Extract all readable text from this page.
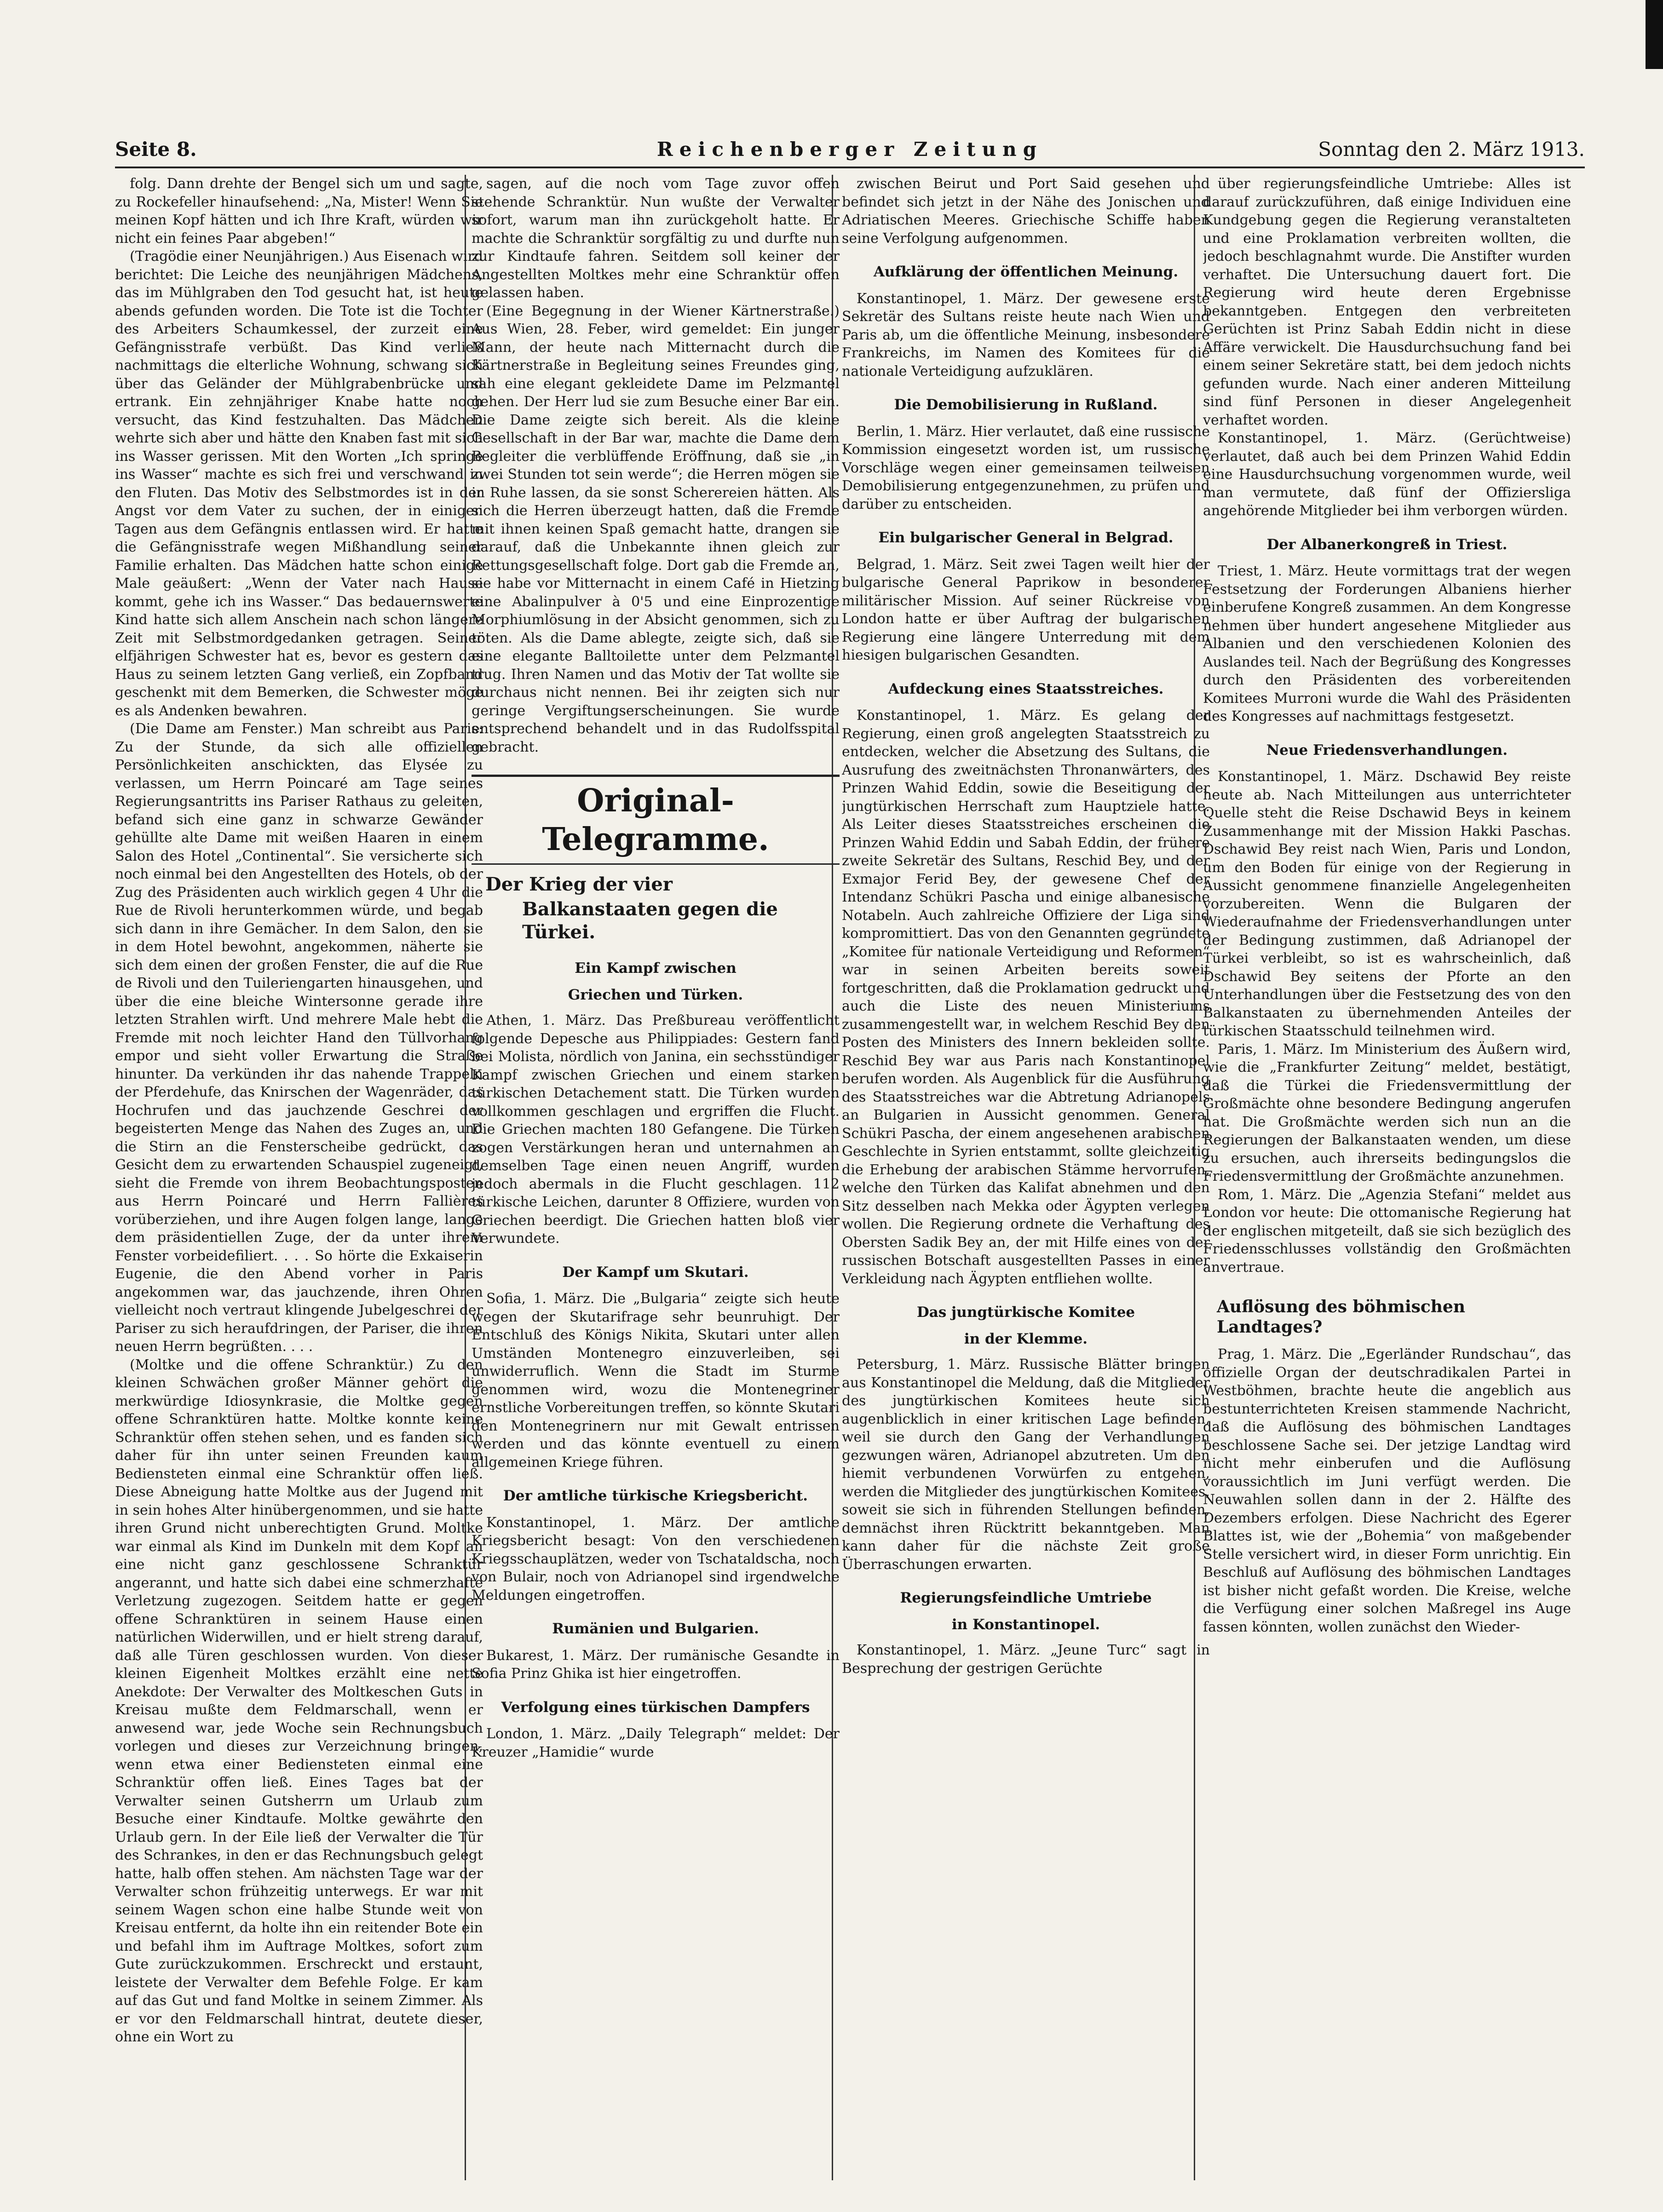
Seite 8.	Reichenberger Zeitung	Sonntag den 2. März 1913.

folg. Dann drehte der Bengel sich um und sagte, zu Rockefeller hinaufsehend: „Na, Mister! Wenn Sie meinen Kopf hätten und ich Ihre Kraft, würden wir nicht ein feines Paar abgeben!“

(Tragödie einer Neunjährigen.) Aus Eisenach wird berichtet: Die Leiche des neunjährigen Mädchens, das im Mühlgraben den Tod gesucht hat, ist heute abends gefunden worden. Die Tote ist die Tochter des Arbeiters Schaumkessel, der zurzeit eine Gefängnisstrafe verbüßt. Das Kind verließ nachmittags die elterliche Wohnung, schwang sich über das Geländer der Mühlgrabenbrücke und ertrank. Ein zehnjähriger Knabe hatte noch versucht, das Kind festzuhalten. Das Mädchen wehrte sich aber und hätte den Knaben fast mit sich ins Wasser gerissen. Mit den Worten „Ich springe ins Wasser“ machte es sich frei und verschwand in den Fluten. Das Motiv des Selbstmordes ist in der Angst vor dem Vater zu suchen, der in einigen Tagen aus dem Gefängnis entlassen wird. Er hatte die Gefängnisstrafe wegen Mißhandlung seiner Familie erhalten. Das Mädchen hatte schon einige Male geäußert: „Wenn der Vater nach Hause kommt, gehe ich ins Wasser.“ Das bedauernswerte Kind hatte sich allem Anschein nach schon längere Zeit mit Selbstmordgedanken getragen. Seiner elfjährigen Schwester hat es, bevor es gestern das Haus zu seinem letzten Gang verließ, ein Zopfband geschenkt mit dem Bemerken, die Schwester möge es als Andenken bewahren.

(Die Dame am Fenster.) Man schreibt aus Paris: Zu der Stunde, da sich alle offiziellen Persönlichkeiten anschickten, das Elysée zu verlassen, um Herrn Poincaré am Tage seines Regierungsantritts ins Pariser Rathaus zu geleiten, befand sich eine ganz in schwarze Gewänder gehüllte alte Dame mit weißen Haaren in einem Salon des Hotel „Continental“. Sie versicherte sich noch einmal bei den Angestellten des Hotels, ob der Zug des Präsidenten auch wirklich gegen 4 Uhr die Rue de Rivoli herunterkommen würde, und begab sich dann in ihre Gemächer. In dem Salon, den sie in dem Hotel bewohnt, angekommen, näherte sie sich dem einen der großen Fenster, die auf die Rue de Rivoli und den Tuileriengarten hinausgehen, und über die eine bleiche Wintersonne gerade ihre letzten Strahlen wirft. Und mehrere Male hebt die Fremde mit noch leichter Hand den Tüllvorhang empor und sieht voller Erwartung die Straße hinunter. Da verkünden ihr das nahende Trappeln der Pferdehufe, das Knirschen der Wagenräder, das Hochrufen und das jauchzende Geschrei der begeisterten Menge das Nahen des Zuges an, und die Stirn an die Fensterscheibe gedrückt, das Gesicht dem zu erwartenden Schauspiel zugeneigt, sieht die Fremde von ihrem Beobachtungsposten aus Herrn Poincaré und Herrn Fallières vorüberziehen, und ihre Augen folgen lange, lange dem präsidentiellen Zuge, der da unter ihrem Fenster vorbeidefiliert. . . . So hörte die Exkaiserin Eugenie, die den Abend vorher in Paris angekommen war, das jauchzende, ihren Ohren vielleicht noch vertraut klingende Jubelgeschrei der Pariser zu sich heraufdringen, der Pariser, die ihren neuen Herrn begrüßten. . . .

(Moltke und die offene Schranktür.) Zu den kleinen Schwächen großer Männer gehört die merkwürdige Idiosynkrasie, die Moltke gegen offene Schranktüren hatte. Moltke konnte keine Schranktür offen stehen sehen, und es fanden sich daher für ihn unter seinen Freunden kaum Bediensteten einmal eine Schranktür offen ließ. Diese Abneigung hatte Moltke aus der Jugend mit in sein hohes Alter hinübergenommen, und sie hatte ihren Grund nicht unberechtigten Grund. Moltke war einmal als Kind im Dunkeln mit dem Kopf an eine nicht ganz geschlossene Schranktür angerannt, und hatte sich dabei eine schmerzhafte Verletzung zugezogen. Seitdem hatte er gegen offene Schranktüren in seinem Hause einen natürlichen Widerwillen, und er hielt streng darauf, daß alle Türen geschlossen wurden. Von dieser kleinen Eigenheit Moltkes erzählt eine nette Anekdote: Der Verwalter des Moltkeschen Guts in Kreisau mußte dem Feldmarschall, wenn er anwesend war, jede Woche sein Rechnungsbuch vorlegen und dieses zur Verzeichnung bringen, wenn etwa einer Bediensteten einmal eine Schranktür offen ließ. Eines Tages bat der Verwalter seinen Gutsherrn um Urlaub zum Besuche einer Kindtaufe. Moltke gewährte den Urlaub gern. In der Eile ließ der Verwalter die Tür des Schrankes, in den er das Rechnungsbuch gelegt hatte, halb offen stehen. Am nächsten Tage war der Verwalter schon frühzeitig unterwegs. Er war mit seinem Wagen schon eine halbe Stunde weit von Kreisau entfernt, da holte ihn ein reitender Bote ein und befahl ihm im Auftrage Moltkes, sofort zum Gute zurückzukommen. Erschreckt und erstaunt, leistete der Verwalter dem Befehle Folge. Er kam auf das Gut und fand Moltke in seinem Zimmer. Als er vor den Feldmarschall hintrat, deutete dieser, ohne ein Wort zu

sagen, auf die noch vom Tage zuvor offen stehende Schranktür. Nun wußte der Verwalter sofort, warum man ihn zurückgeholt hatte. Er machte die Schranktür sorgfältig zu und durfte nun zur Kindtaufe fahren. Seitdem soll keiner der Angestellten Moltkes mehr eine Schranktür offen gelassen haben.

(Eine Begegnung in der Wiener Kärtnerstraße.) Aus Wien, 28. Feber, wird gemeldet: Ein junger Mann, der heute nach Mitternacht durch die Kärtnerstraße in Begleitung seines Freundes ging, sah eine elegant gekleidete Dame im Pelzmantel gehen. Der Herr lud sie zum Besuche einer Bar ein. Die Dame zeigte sich bereit. Als die kleine Gesellschaft in der Bar war, machte die Dame dem Begleiter die verblüffende Eröffnung, daß sie „in zwei Stunden tot sein werde“; die Herren mögen sie in Ruhe lassen, da sie sonst Scherereien hätten. Als sich die Herren überzeugt hatten, daß die Fremde mit ihnen keinen Spaß gemacht hatte, drangen sie darauf, daß die Unbekannte ihnen gleich zur Rettungsgesellschaft folge. Dort gab die Fremde an, sie habe vor Mitternacht in einem Café in Hietzing eine Abalinpulver à 0'5 und eine Einprozentige Morphiumlösung in der Absicht genommen, sich zu töten. Als die Dame ablegte, zeigte sich, daß sie eine elegante Balltoilette unter dem Pelzmantel trug. Ihren Namen und das Motiv der Tat wollte sie durchaus nicht nennen. Bei ihr zeigten sich nur geringe Vergiftungserscheinungen. Sie wurde entsprechend behandelt und in das Rudolfsspital gebracht.

Original-Telegramme.
Der Krieg der vier
Balkanstaaten gegen die Türkei.
Ein Kampf zwischen
Griechen und Türken.

Athen, 1. März. Das Preßbureau veröffentlicht folgende Depesche aus Philippiades: Gestern fand bei Molista, nördlich von Janina, ein sechsstündiger Kampf zwischen Griechen und einem starken türkischen Detachement statt. Die Türken wurden vollkommen geschlagen und ergriffen die Flucht. Die Griechen machten 180 Gefangene. Die Türken zogen Verstärkungen heran und unternahmen an demselben Tage einen neuen Angriff, wurden jedoch abermals in die Flucht geschlagen. 112 türkische Leichen, darunter 8 Offiziere, wurden von Griechen beerdigt. Die Griechen hatten bloß vier Verwundete.

Der Kampf um Skutari.

Sofia, 1. März. Die „Bulgaria“ zeigte sich heute wegen der Skutarifrage sehr beunruhigt. Der Entschluß des Königs Nikita, Skutari unter allen Umständen Montenegro einzuverleiben, sei unwiderruflich. Wenn die Stadt im Sturme genommen wird, wozu die Montenegriner ernstliche Vorbereitungen treffen, so könnte Skutari den Montenegrinern nur mit Gewalt entrissen werden und das könnte eventuell zu einem allgemeinen Kriege führen.

Der amtliche türkische Kriegsbericht.

Konstantinopel, 1. März. Der amtliche Kriegsbericht besagt: Von den verschiedenen Kriegsschauplätzen, weder von Tschataldscha, noch von Bulair, noch von Adrianopel sind irgendwelche Meldungen eingetroffen.

Rumänien und Bulgarien.

Bukarest, 1. März. Der rumänische Gesandte in Sofia Prinz Ghika ist hier eingetroffen.

Verfolgung eines türkischen Dampfers

London, 1. März. „Daily Telegraph“ meldet: Der Kreuzer „Hamidie“ wurde

zwischen Beirut und Port Said gesehen und befindet sich jetzt in der Nähe des Jonischen und Adriatischen Meeres. Griechische Schiffe haben seine Verfolgung aufgenommen.

Aufklärung der öffentlichen Meinung.

Konstantinopel, 1. März. Der gewesene erste Sekretär des Sultans reiste heute nach Wien und Paris ab, um die öffentliche Meinung, insbesondere Frankreichs, im Namen des Komitees für die nationale Verteidigung aufzuklären.

Die Demobilisierung in Rußland.

Berlin, 1. März. Hier verlautet, daß eine russische Kommission eingesetzt worden ist, um russische Vorschläge wegen einer gemeinsamen teilweisen Demobilisierung entgegenzunehmen, zu prüfen und darüber zu entscheiden.

Ein bulgarischer General in Belgrad.

Belgrad, 1. März. Seit zwei Tagen weilt hier der bulgarische General Paprikow in besonderer militärischer Mission. Auf seiner Rückreise von London hatte er über Auftrag der bulgarischen Regierung eine längere Unterredung mit dem hiesigen bulgarischen Gesandten.

Aufdeckung eines Staatsstreiches.

Konstantinopel, 1. März. Es gelang der Regierung, einen groß angelegten Staatsstreich zu entdecken, welcher die Absetzung des Sultans, die Ausrufung des zweitnächsten Thronanwärters, des Prinzen Wahid Eddin, sowie die Beseitigung der jungtürkischen Herrschaft zum Hauptziele hatte. Als Leiter dieses Staatsstreiches erscheinen die Prinzen Wahid Eddin und Sabah Eddin, der frühere zweite Sekretär des Sultans, Reschid Bey, und der Exmajor Ferid Bey, der gewesene Chef der Intendanz Schükri Pascha und einige albanesische Notabeln. Auch zahlreiche Offiziere der Liga sind kompromittiert. Das von den Genannten gegründete „Komitee für nationale Verteidigung und Reformen“ war in seinen Arbeiten bereits soweit fortgeschritten, daß die Proklamation gedruckt und auch die Liste des neuen Ministeriums zusammengestellt war, in welchem Reschid Bey den Posten des Ministers des Innern bekleiden sollte. Reschid Bey war aus Paris nach Konstantinopel berufen worden. Als Augenblick für die Ausführung des Staatsstreiches war die Abtretung Adrianopels an Bulgarien in Aussicht genommen. General Schükri Pascha, der einem angesehenen arabischen Geschlechte in Syrien entstammt, sollte gleichzeitig die Erhebung der arabischen Stämme hervorrufen, welche den Türken das Kalifat abnehmen und den Sitz desselben nach Mekka oder Ägypten verlegen wollen. Die Regierung ordnete die Verhaftung des Obersten Sadik Bey an, der mit Hilfe eines von der russischen Botschaft ausgestellten Passes in einer Verkleidung nach Ägypten entfliehen wollte.

Das jungtürkische Komitee
in der Klemme.

Petersburg, 1. März. Russische Blätter bringen aus Konstantinopel die Meldung, daß die Mitglieder des jungtürkischen Komitees heute sich augenblicklich in einer kritischen Lage befinden, weil sie durch den Gang der Verhandlungen gezwungen wären, Adrianopel abzutreten. Um den hiemit verbundenen Vorwürfen zu entgehen, werden die Mitglieder des jungtürkischen Komitees, soweit sie sich in führenden Stellungen befinden, demnächst ihren Rücktritt bekanntgeben. Man kann daher für die nächste Zeit große Überraschungen erwarten.

Regierungsfeindliche Umtriebe
in Konstantinopel.

Konstantinopel, 1. März. „Jeune Turc“ sagt in Besprechung der gestrigen Gerüchte

über regierungsfeindliche Umtriebe: Alles ist darauf zurückzuführen, daß einige Individuen eine Kundgebung gegen die Regierung veranstalteten und eine Proklamation verbreiten wollten, die jedoch beschlagnahmt wurde. Die Anstifter wurden verhaftet. Die Untersuchung dauert fort. Die Regierung wird heute deren Ergebnisse bekanntgeben. Entgegen den verbreiteten Gerüchten ist Prinz Sabah Eddin nicht in diese Affäre verwickelt. Die Hausdurchsuchung fand bei einem seiner Sekretäre statt, bei dem jedoch nichts gefunden wurde. Nach einer anderen Mitteilung sind fünf Personen in dieser Angelegenheit verhaftet worden.

Konstantinopel, 1. März. (Gerüchtweise) verlautet, daß auch bei dem Prinzen Wahid Eddin eine Hausdurchsuchung vorgenommen wurde, weil man vermutete, daß fünf der Offiziersliga angehörende Mitglieder bei ihm verborgen würden.

Der Albanerkongreß in Triest.

Triest, 1. März. Heute vormittags trat der wegen Festsetzung der Forderungen Albaniens hierher einberufene Kongreß zusammen. An dem Kongresse nehmen über hundert angesehene Mitglieder aus Albanien und den verschiedenen Kolonien des Auslandes teil. Nach der Begrüßung des Kongresses durch den Präsidenten des vorbereitenden Komitees Murroni wurde die Wahl des Präsidenten des Kongresses auf nachmittags festgesetzt.

Neue Friedensverhandlungen.

Konstantinopel, 1. März. Dschawid Bey reiste heute ab. Nach Mitteilungen aus unterrichteter Quelle steht die Reise Dschawid Beys in keinem Zusammenhange mit der Mission Hakki Paschas. Dschawid Bey reist nach Wien, Paris und London, um den Boden für einige von der Regierung in Aussicht genommene finanzielle Angelegenheiten vorzubereiten. Wenn die Bulgaren der Wiederaufnahme der Friedensverhandlungen unter der Bedingung zustimmen, daß Adrianopel der Türkei verbleibt, so ist es wahrscheinlich, daß Dschawid Bey seitens der Pforte an den Unterhandlungen über die Festsetzung des von den Balkanstaaten zu übernehmenden Anteiles der türkischen Staatsschuld teilnehmen wird.

Paris, 1. März. Im Ministerium des Äußern wird, wie die „Frankfurter Zeitung“ meldet, bestätigt, daß die Türkei die Friedensvermittlung der Großmächte ohne besondere Bedingung angerufen hat. Die Großmächte werden sich nun an die Regierungen der Balkanstaaten wenden, um diese zu ersuchen, auch ihrerseits bedingungslos die Friedensvermittlung der Großmächte anzunehmen.

Rom, 1. März. Die „Agenzia Stefani“ meldet aus London vor heute: Die ottomanische Regierung hat der englischen mitgeteilt, daß sie sich bezüglich des Friedensschlusses vollständig den Großmächten anvertraue.

Auflösung des böhmischen Landtages?

Prag, 1. März. Die „Egerländer Rundschau“, das offizielle Organ der deutschradikalen Partei in Westböhmen, brachte heute die angeblich aus bestunterrichteten Kreisen stammende Nachricht, daß die Auflösung des böhmischen Landtages beschlossene Sache sei. Der jetzige Landtag wird nicht mehr einberufen und die Auflösung voraussichtlich im Juni verfügt werden. Die Neuwahlen sollen dann in der 2. Hälfte des Dezembers erfolgen. Diese Nachricht des Egerer Blattes ist, wie der „Bohemia“ von maßgebender Stelle versichert wird, in dieser Form unrichtig. Ein Beschluß auf Auflösung des böhmischen Landtages ist bisher nicht gefaßt worden. Die Kreise, welche die Verfügung einer solchen Maßregel ins Auge fassen könnten, wollen zunächst den Wieder-
